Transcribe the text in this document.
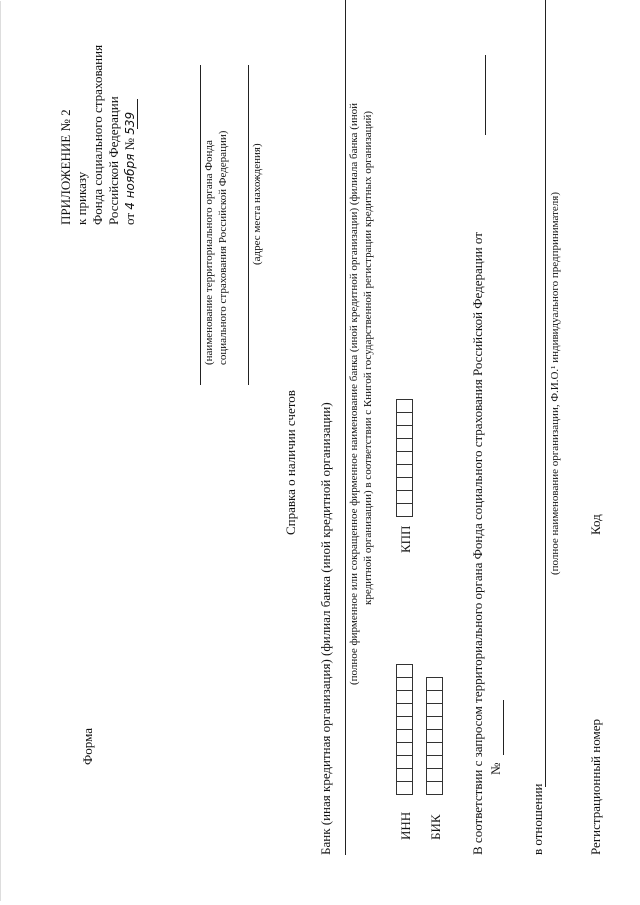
ПРИЛОЖЕНИЕ № 2 к приказу Фонда социального страхования Российской Федерации от 4 ноября № 539
Форма
(наименование территориального органа Фонда социального страхования Российской Федерации) (адрес места нахождения)
Справка о наличии счетов Банк (иная кредитная организация) (филиал банка (иной кредитной организации) (полное фирменное или сокращенное фирменное наименование банка (иной кредитной организации) (филиала банка (иной кредитной организации) в соответствии с Книгой государственной регистрации кредитных организаций)
ИНН
КПП
БИК В соответствии с запросом территориального органа Фонда социального страхования Российской Федерации от №
в отношении
(полное наименование организации, Ф.И.О.¹ индивидуального предпринимателя)
Регистрационный номер
Код
